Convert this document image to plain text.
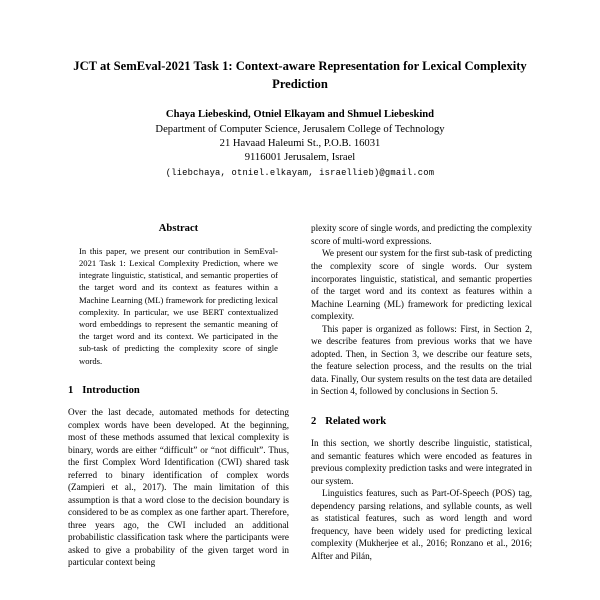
JCT at SemEval-2021 Task 1: Context-aware Representation for Lexical Complexity Prediction
Chaya Liebeskind, Otniel Elkayam and Shmuel Liebeskind
Department of Computer Science, Jerusalem College of Technology
21 Havaad Haleumi St., P.O.B. 16031
9116001 Jerusalem, Israel
(liebchaya, otniel.elkayam, israellieb)@gmail.com
Abstract

In this paper, we present our contribution in SemEval-2021 Task 1: Lexical Complexity Prediction, where we integrate linguistic, statistical, and semantic properties of the target word and its context as features within a Machine Learning (ML) framework for predicting lexical complexity. In particular, we use BERT contextualized word embeddings to represent the semantic meaning of the target word and its context. We participated in the sub-task of predicting the complexity score of single words.

1 Introduction

Over the last decade, automated methods for detecting complex words have been developed. At the beginning, most of these methods assumed that lexical complexity is binary, words are either “difficult” or “not difficult”. Thus, the first Complex Word Identification (CWI) shared task referred to binary identification of complex words (Zampieri et al., 2017). The main limitation of this assumption is that a word close to the decision boundary is considered to be as complex as one farther apart. Therefore, three years ago, the CWI included an additional probabilistic classification task where the participants were asked to give a probability of the given target word in particular context being

plexity score of single words, and predicting the complexity score of multi-word expressions.

We present our system for the first sub-task of predicting the complexity score of single words. Our system incorporates linguistic, statistical, and semantic properties of the target word and its context as features within a Machine Learning (ML) framework for predicting lexical complexity.

This paper is organized as follows: First, in Section 2, we describe features from previous works that we have adopted. Then, in Section 3, we describe our feature sets, the feature selection process, and the results on the trial data. Finally, Our system results on the test data are detailed in Section 4, followed by conclusions in Section 5.

2 Related work

In this section, we shortly describe linguistic, statistical, and semantic features which were encoded as features in previous complexity prediction tasks and were integrated in our system.

Linguistics features, such as Part-Of-Speech (POS) tag, dependency parsing relations, and syllable counts, as well as statistical features, such as word length and word frequency, have been widely used for predicting lexical complexity (Mukherjee et al., 2016; Ronzano et al., 2016; Alfter and Pilán,
